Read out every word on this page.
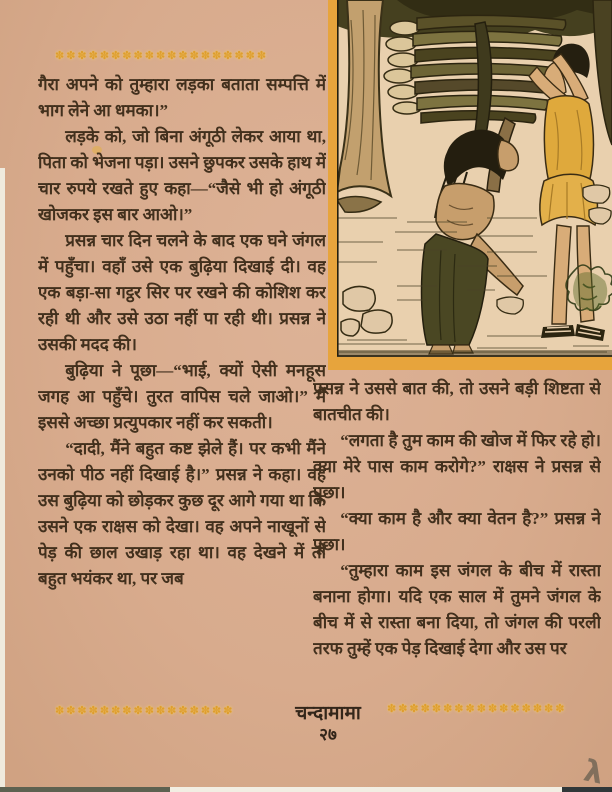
✽✽✽✽✽✽✽✽✽✽✽✽✽✽✽✽✽✽✽

गैरा अपने को तुम्हारा लड़का बताता सम्पत्ति में भाग लेने आ धमका।”

लड़के को, जो बिना अंगूठी लेकर आया था, पिता को भेजना पड़ा। उसने छुपकर उसके हाथ में चार रुपये रखते हुए कहा—“जैसे भी हो अंगूठी खोजकर इस बार आओ।”

प्रसन्न चार दिन चलने के बाद एक घने जंगल में पहुँचा। वहाँ उसे एक बुढ़िया दिखाई दी। वह एक बड़ा-सा गट्ठर सिर पर रखने की कोशिश कर रही थी और उसे उठा नहीं पा रही थी। प्रसन्न ने उसकी मदद की।

बुढ़िया ने पूछा—“भाई, क्यों ऐसी मनहूस जगह आ पहुँचे। तुरत वापिस चले जाओ।” मैं इससे अच्छा प्रत्युपकार नहीं कर सकती।

“दादी, मैंने बहुत कष्ट झेले हैं। पर कभी मैंने उनको पीठ नहीं दिखाई है।” प्रसन्न ने कहा। वह उस बुढ़िया को छोड़कर कुछ दूर आगे गया था कि उसने एक राक्षस को देखा। वह अपने नाखूनों से पेड़ की छाल उखाड़ रहा था। वह देखने में तो बहुत भयंकर था, पर जब

प्रसन्न ने उससे बात की, तो उसने बड़ी शिष्टता से बातचीत की।

“लगता है तुम काम की खोज में फिर रहे हो। क्या मेरे पास काम करोगे?” राक्षस ने प्रसन्न से पूछा।

“क्या काम है और क्या वेतन है?” प्रसन्न ने पूछा।

“तुम्हारा काम इस जंगल के बीच में रास्ता बनाना होगा। यदि एक साल में तुमने जंगल के बीच में से रास्ता बना दिया, तो जंगल की परली तरफ तुम्हें एक पेड़ दिखाई देगा और उस पर

✽✽✽✽✽✽✽✽✽✽✽✽✽✽✽✽	चन्दामामा
२७
✽✽✽✽✽✽✽✽✽✽✽✽✽✽✽✽
λ
